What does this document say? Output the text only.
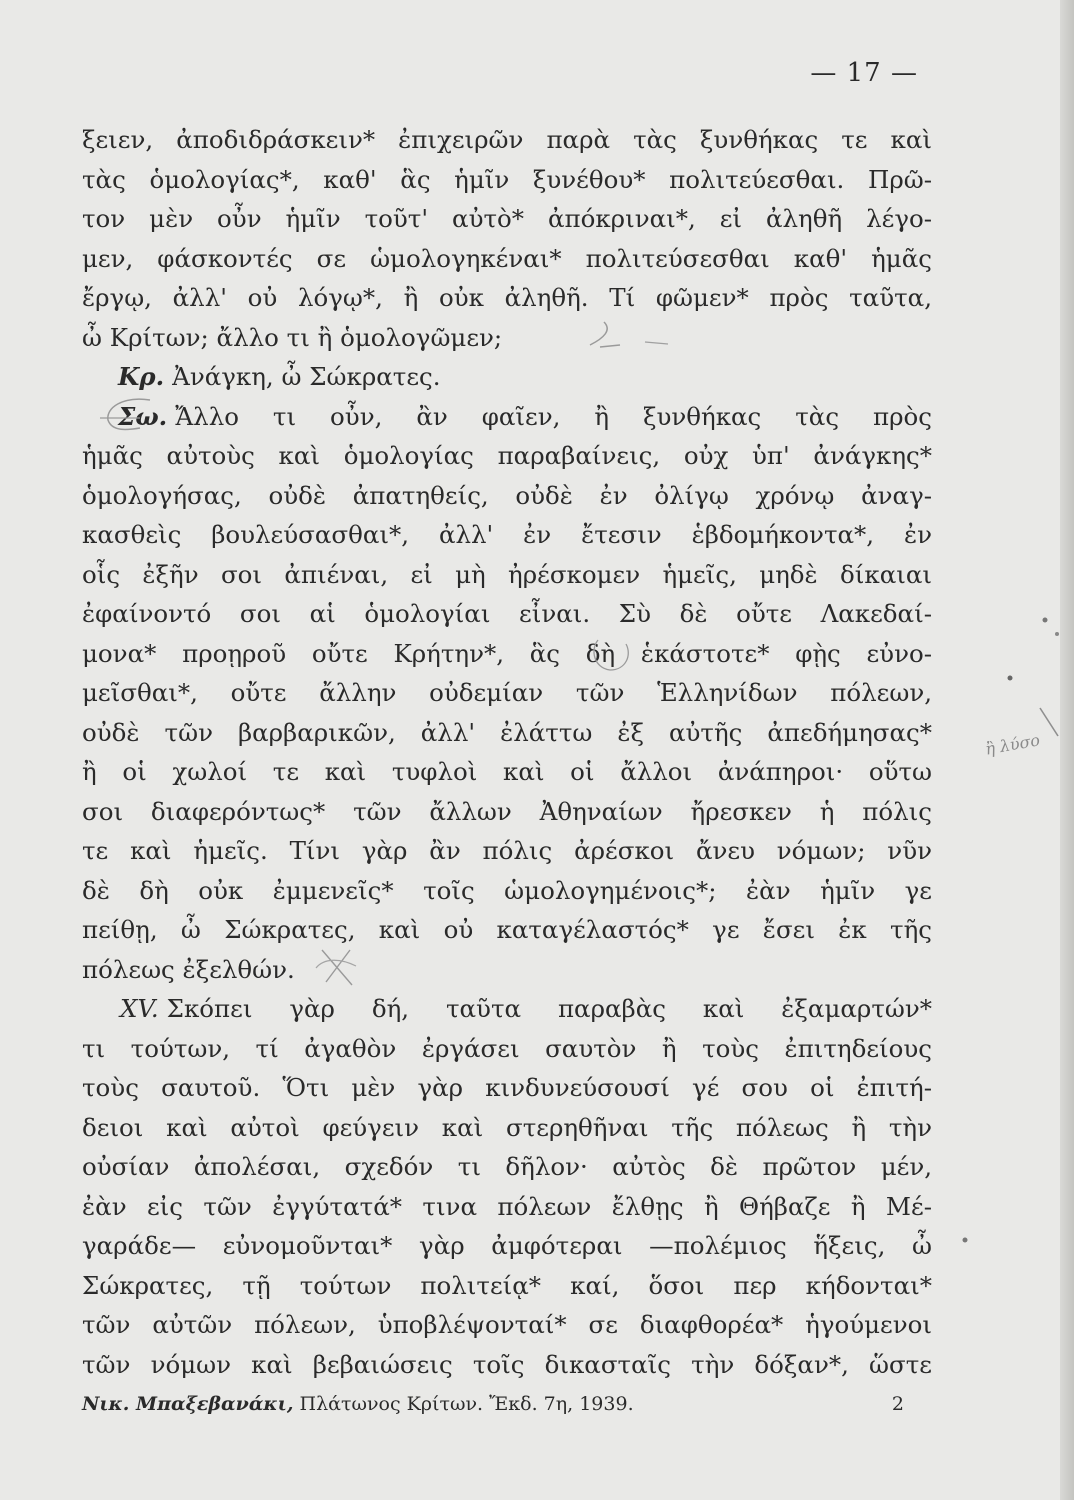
— 17 —
ξειεν, ἀποδιδράσκειν* ἐπιχειρῶν παρὰ τὰς ξυνθήκας τε καὶ
τὰς ὁμολογίας*, καθ' ἃς ἡμῖν ξυνέθου* πολιτεύεσθαι. Πρῶ-
τον μὲν οὖν ἡμῖν τοῦτ' αὐτὸ* ἀπόκριναι*, εἰ ἀληθῆ λέγο-
μεν, φάσκοντές σε ὡμολογηκέναι* πολιτεύσεσθαι καθ' ἡμᾶς
ἔργῳ, ἀλλ' οὐ λόγῳ*, ἢ οὐκ ἀληθῆ. Τί φῶμεν* πρὸς ταῦτα,
ὦ Κρίτων; ἄλλο τι ἢ ὁμολογῶμεν;
Κρ. Ἀνάγκη, ὦ Σώκρατες.
Σω. Ἄλλο τι οὖν, ἂν φαῖεν, ἢ ξυνθήκας τὰς πρὸς
ἡμᾶς αὐτοὺς καὶ ὁμολογίας παραβαίνεις, οὐχ ὑπ' ἀνάγκης*
ὁμολογήσας, οὐδὲ ἀπατηθείς, οὐδὲ ἐν ὀλίγῳ χρόνῳ ἀναγ-
κασθεὶς βουλεύσασθαι*, ἀλλ' ἐν ἔτεσιν ἑβδομήκοντα*, ἐν
οἷς ἐξῆν σοι ἀπιέναι, εἰ μὴ ἠρέσκομεν ἡμεῖς, μηδὲ δίκαιαι
ἐφαίνοντό σοι αἱ ὁμολογίαι εἶναι. Σὺ δὲ οὔτε Λακεδαί-
μονα* προῃροῦ οὔτε Κρήτην*, ἃς δὴ ἑκάστοτε* φῂς εὐνο-
μεῖσθαι*, οὔτε ἄλλην οὐδεμίαν τῶν Ἑλληνίδων πόλεων,
οὐδὲ τῶν βαρβαρικῶν, ἀλλ' ἐλάττω ἐξ αὐτῆς ἀπεδήμησας*
ἢ οἱ χωλοί τε καὶ τυφλοὶ καὶ οἱ ἄλλοι ἀνάπηροι· οὕτω
σοι διαφερόντως* τῶν ἄλλων Ἀθηναίων ἤρεσκεν ἡ πόλις
τε καὶ ἡμεῖς. Τίνι γὰρ ἂν πόλις ἀρέσκοι ἄνευ νόμων; νῦν
δὲ δὴ οὐκ ἐμμενεῖς* τοῖς ὡμολογημένοις*; ἐὰν ἡμῖν γε
πείθῃ, ὦ Σώκρατες, καὶ οὐ καταγέλαστός* γε ἔσει ἐκ τῆς
πόλεως ἐξελθών.
XV. Σκόπει γὰρ δή, ταῦτα παραβὰς καὶ ἐξαμαρτών*
τι τούτων, τί ἀγαθὸν ἐργάσει σαυτὸν ἢ τοὺς ἐπιτηδείους
τοὺς σαυτοῦ. Ὅτι μὲν γὰρ κινδυνεύσουσί γέ σου οἱ ἐπιτή-
δειοι καὶ αὐτοὶ φεύγειν καὶ στερηθῆναι τῆς πόλεως ἢ τὴν
οὐσίαν ἀπολέσαι, σχεδόν τι δῆλον· αὐτὸς δὲ πρῶτον μέν,
ἐὰν εἰς τῶν ἐγγύτατά* τινα πόλεων ἔλθῃς ἢ Θήβαζε ἢ Μέ-
γαράδε— εὐνομοῦνται* γὰρ ἀμφότεραι —πολέμιος ἥξεις, ὦ
Σώκρατες, τῇ τούτων πολιτείᾳ* καί, ὅσοι περ κήδονται*
τῶν αὐτῶν πόλεων, ὑποβλέψονταί* σε διαφθορέα* ἡγούμενοι
τῶν νόμων καὶ βεβαιώσεις τοῖς δικασταῖς τὴν δόξαν*, ὥστε
Νικ. Μπαξεβανάκι, Πλάτωνος Κρίτων. Ἔκδ. 7η, 1939.	2
ἢ λύσο
